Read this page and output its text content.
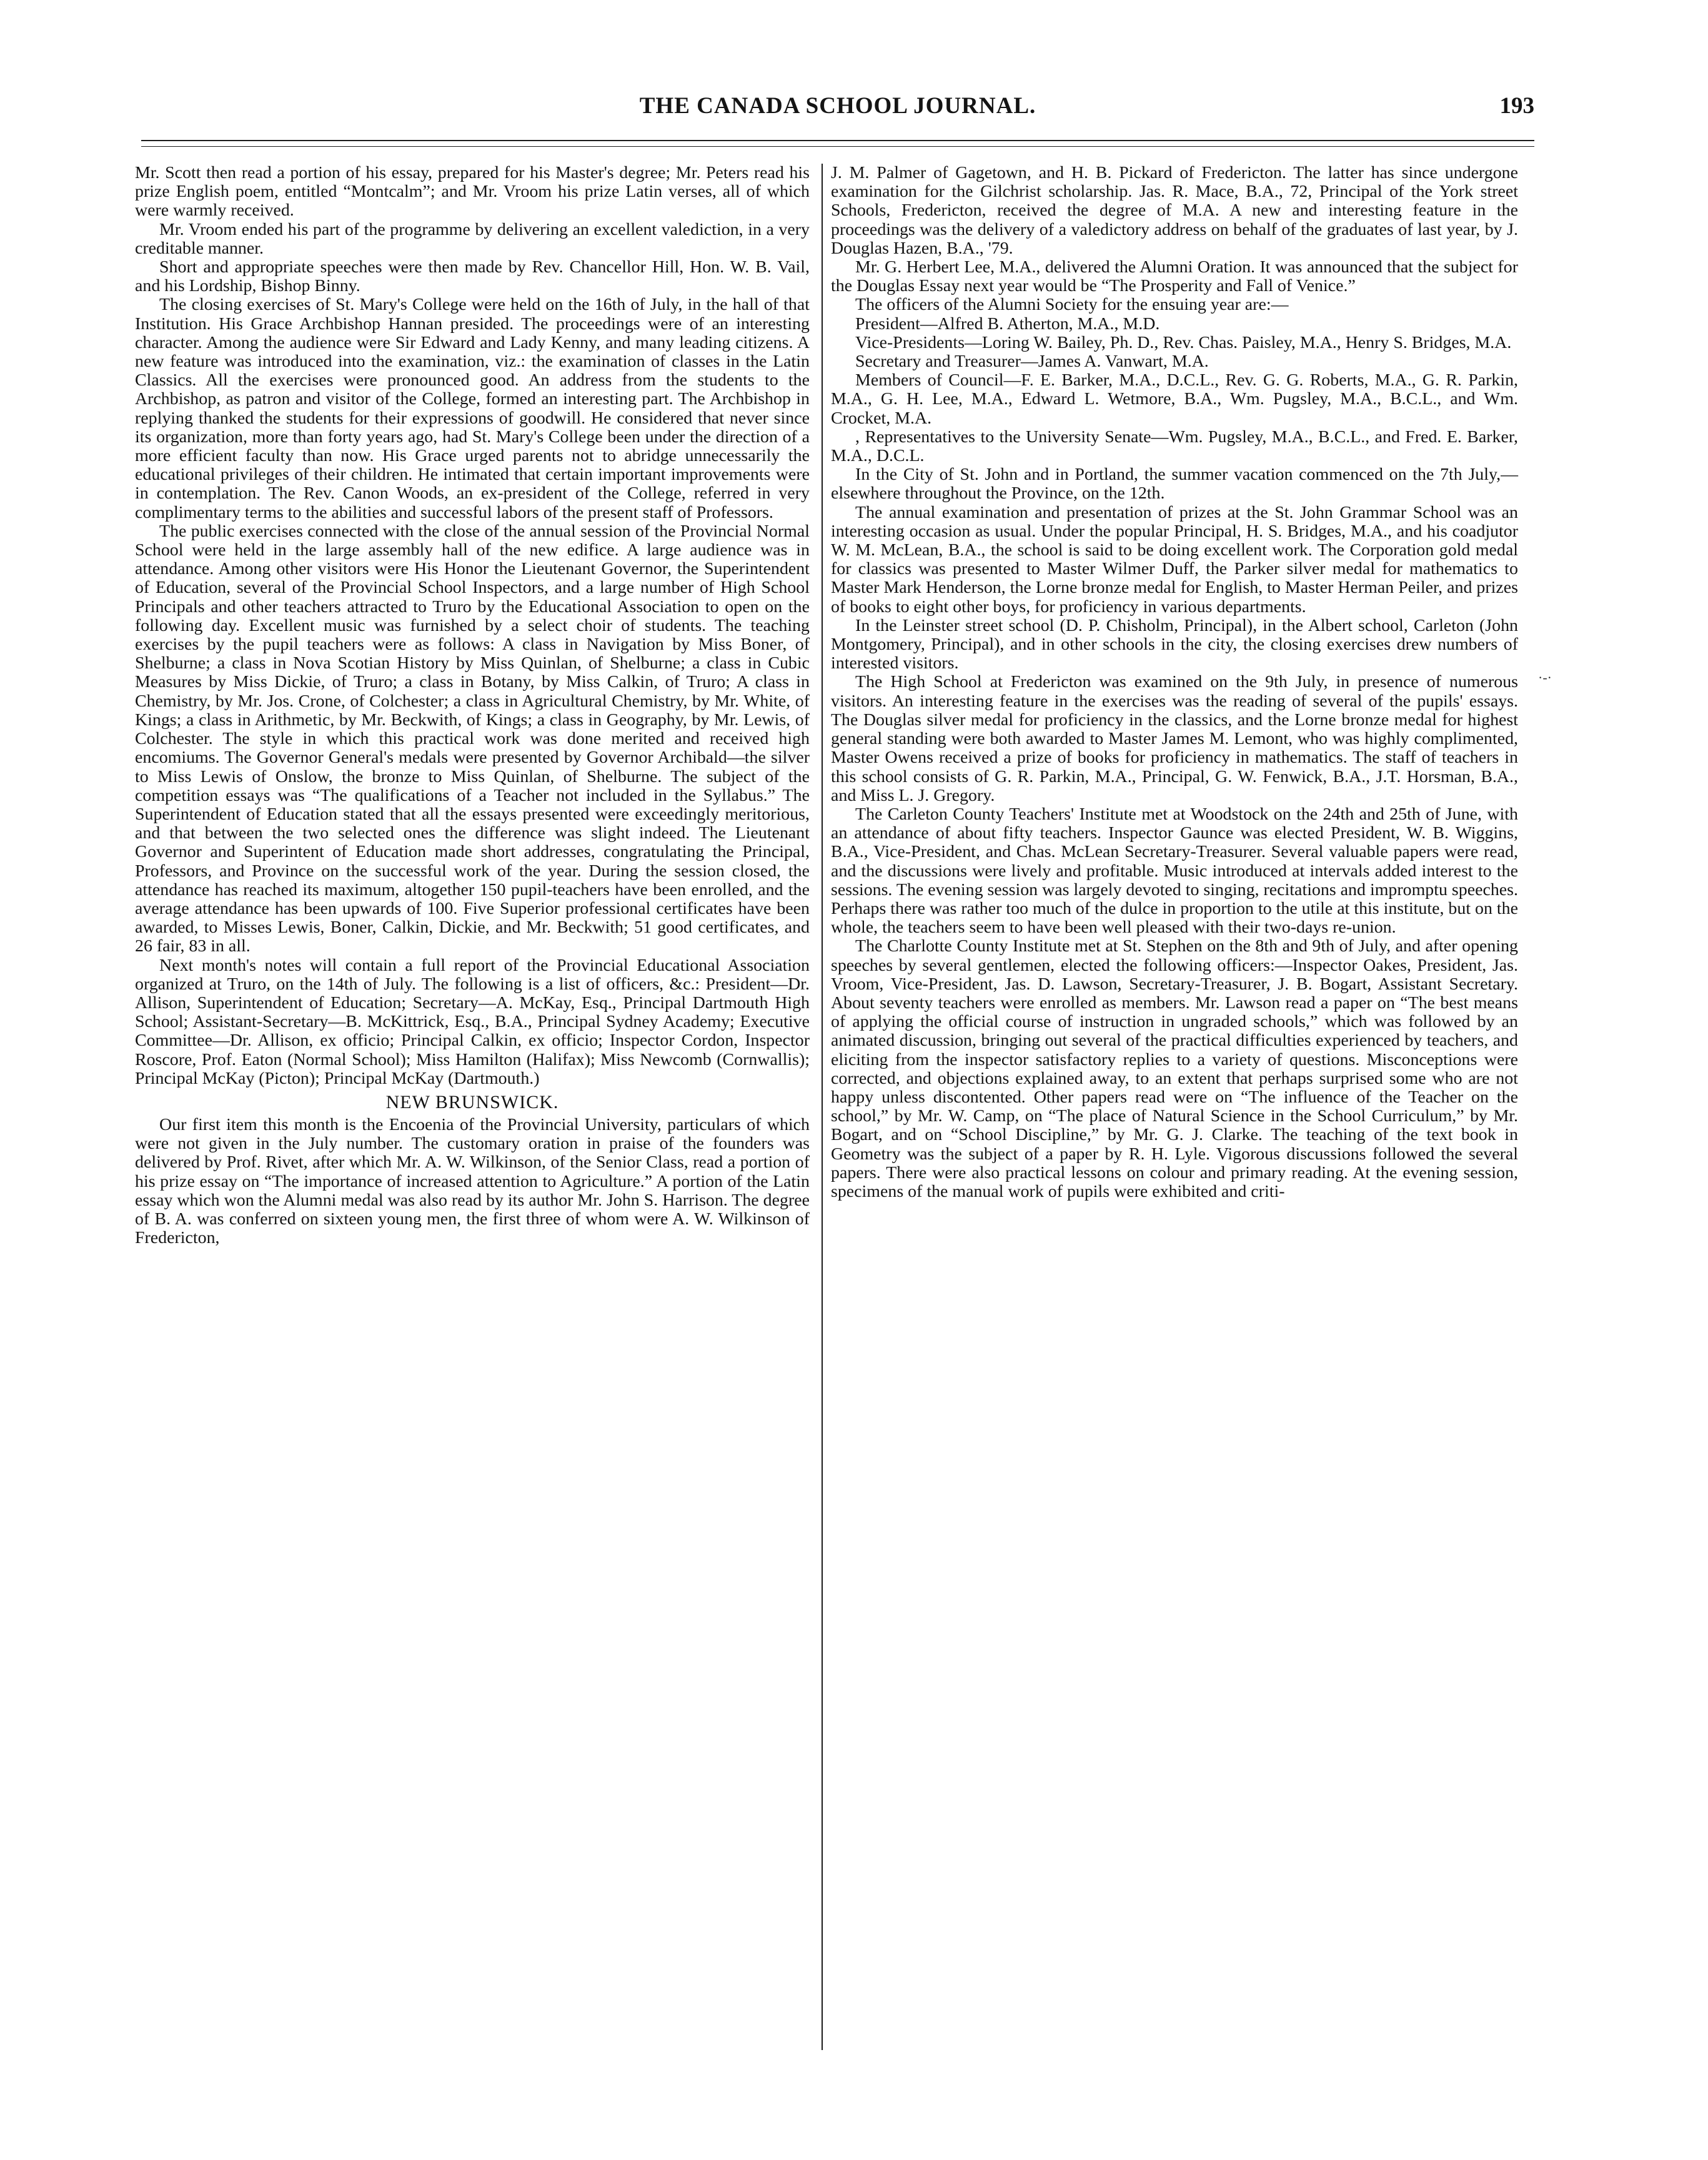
THE CANADA SCHOOL JOURNAL.	193

Mr. Scott then read a portion of his essay, prepared for his Master's degree; Mr. Peters read his prize English poem, entitled “Montcalm”; and Mr. Vroom his prize Latin verses, all of which were warmly received.

Mr. Vroom ended his part of the programme by delivering an excellent valediction, in a very creditable manner.

Short and appropriate speeches were then made by Rev. Chancellor Hill, Hon. W. B. Vail, and his Lordship, Bishop Binny.

The closing exercises of St. Mary's College were held on the 16th of July, in the hall of that Institution. His Grace Archbishop Hannan presided. The proceedings were of an interesting character. Among the audience were Sir Edward and Lady Kenny, and many leading citizens. A new feature was introduced into the examination, viz.: the examination of classes in the Latin Classics. All the exercises were pronounced good. An address from the students to the Archbishop, as patron and visitor of the College, formed an interesting part. The Archbishop in replying thanked the students for their expressions of goodwill. He considered that never since its organization, more than forty years ago, had St. Mary's College been under the direction of a more efficient faculty than now. His Grace urged parents not to abridge unnecessarily the educational privileges of their children. He intimated that certain important improvements were in contemplation. The Rev. Canon Woods, an ex-president of the College, referred in very complimentary terms to the abilities and successful labors of the present staff of Professors.

The public exercises connected with the close of the annual session of the Provincial Normal School were held in the large assembly hall of the new edifice. A large audience was in attendance. Among other visitors were His Honor the Lieutenant Governor, the Superintendent of Education, several of the Provincial School Inspectors, and a large number of High School Principals and other teachers attracted to Truro by the Educational Association to open on the following day. Excellent music was furnished by a select choir of students. The teaching exercises by the pupil teachers were as follows: A class in Navigation by Miss Boner, of Shelburne; a class in Nova Scotian History by Miss Quinlan, of Shelburne; a class in Cubic Measures by Miss Dickie, of Truro; a class in Botany, by Miss Calkin, of Truro; A class in Chemistry, by Mr. Jos. Crone, of Colchester; a class in Agricultural Chemistry, by Mr. White, of Kings; a class in Arithmetic, by Mr. Beckwith, of Kings; a class in Geography, by Mr. Lewis, of Colchester. The style in which this practical work was done merited and received high encomiums. The Governor General's medals were presented by Governor Archibald—the silver to Miss Lewis of Onslow, the bronze to Miss Quinlan, of Shelburne. The subject of the competition essays was “The qualifications of a Teacher not included in the Syllabus.” The Superintendent of Education stated that all the essays presented were exceedingly meritorious, and that between the two selected ones the difference was slight indeed. The Lieutenant Governor and Superintent of Education made short addresses, congratulating the Principal, Professors, and Province on the successful work of the year. During the session closed, the attendance has reached its maximum, altogether 150 pupil-teachers have been enrolled, and the average attendance has been upwards of 100. Five Superior professional certificates have been awarded, to Misses Lewis, Boner, Calkin, Dickie, and Mr. Beckwith; 51 good certificates, and 26 fair, 83 in all.

Next month's notes will contain a full report of the Provincial Educational Association organized at Truro, on the 14th of July. The following is a list of officers, &c.: President—Dr. Allison, Superintendent of Education; Secretary—A. McKay, Esq., Principal Dartmouth High School; Assistant-Secretary—B. McKittrick, Esq., B.A., Principal Sydney Academy; Executive Committee—Dr. Allison, ex officio; Principal Calkin, ex officio; Inspector Cordon, Inspector Roscore, Prof. Eaton (Normal School); Miss Hamilton (Halifax); Miss Newcomb (Cornwallis); Principal McKay (Picton); Principal McKay (Dartmouth.)

NEW BRUNSWICK.

Our first item this month is the Encoenia of the Provincial University, particulars of which were not given in the July number. The customary oration in praise of the founders was delivered by Prof. Rivet, after which Mr. A. W. Wilkinson, of the Senior Class, read a portion of his prize essay on “The importance of increased attention to Agriculture.” A portion of the Latin essay which won the Alumni medal was also read by its author Mr. John S. Harrison. The degree of B. A. was conferred on sixteen young men, the first three of whom were A. W. Wilkinson of Fredericton,

J. M. Palmer of Gagetown, and H. B. Pickard of Fredericton. The latter has since undergone examination for the Gilchrist scholarship. Jas. R. Mace, B.A., 72, Principal of the York street Schools, Fredericton, received the degree of M.A. A new and interesting feature in the proceedings was the delivery of a valedictory address on behalf of the graduates of last year, by J. Douglas Hazen, B.A., '79.

Mr. G. Herbert Lee, M.A., delivered the Alumni Oration. It was announced that the subject for the Douglas Essay next year would be “The Prosperity and Fall of Venice.”

The officers of the Alumni Society for the ensuing year are:—

President—Alfred B. Atherton, M.A., M.D.

Vice-Presidents—Loring W. Bailey, Ph. D., Rev. Chas. Paisley, M.A., Henry S. Bridges, M.A.

Secretary and Treasurer—James A. Vanwart, M.A.

Members of Council—F. E. Barker, M.A., D.C.L., Rev. G. G. Roberts, M.A., G. R. Parkin, M.A., G. H. Lee, M.A., Edward L. Wetmore, B.A., Wm. Pugsley, M.A., B.C.L., and Wm. Crocket, M.A.

, Representatives to the University Senate—Wm. Pugsley, M.A., B.C.L., and Fred. E. Barker, M.A., D.C.L.

In the City of St. John and in Portland, the summer vacation commenced on the 7th July,—elsewhere throughout the Province, on the 12th.

The annual examination and presentation of prizes at the St. John Grammar School was an interesting occasion as usual. Under the popular Principal, H. S. Bridges, M.A., and his coadjutor W. M. McLean, B.A., the school is said to be doing excellent work. The Corporation gold medal for classics was presented to Master Wilmer Duff, the Parker silver medal for mathematics to Master Mark Henderson, the Lorne bronze medal for English, to Master Herman Peiler, and prizes of books to eight other boys, for proficiency in various departments.

In the Leinster street school (D. P. Chisholm, Principal), in the Albert school, Carleton (John Montgomery, Principal), and in other schools in the city, the closing exercises drew numbers of interested visitors.

The High School at Fredericton was examined on the 9th July, in presence of numerous visitors. An interesting feature in the exercises was the reading of several of the pupils' essays. The Douglas silver medal for proficiency in the classics, and the Lorne bronze medal for highest general standing were both awarded to Master James M. Lemont, who was highly complimented, Master Owens received a prize of books for proficiency in mathematics. The staff of teachers in this school consists of G. R. Parkin, M.A., Principal, G. W. Fenwick, B.A., J.T. Horsman, B.A., and Miss L. J. Gregory.

The Carleton County Teachers' Institute met at Woodstock on the 24th and 25th of June, with an attendance of about fifty teachers. Inspector Gaunce was elected President, W. B. Wiggins, B.A., Vice-President, and Chas. McLean Secretary-Treasurer. Several valuable papers were read, and the discussions were lively and profitable. Music introduced at intervals added interest to the sessions. The evening session was largely devoted to singing, recitations and impromptu speeches. Perhaps there was rather too much of the dulce in proportion to the utile at this institute, but on the whole, the teachers seem to have been well pleased with their two-days re-union.

The Charlotte County Institute met at St. Stephen on the 8th and 9th of July, and after opening speeches by several gentlemen, elected the following officers:—Inspector Oakes, President, Jas. Vroom, Vice-President, Jas. D. Lawson, Secretary-Treasurer, J. B. Bogart, Assistant Secretary. About seventy teachers were enrolled as members. Mr. Lawson read a paper on “The best means of applying the official course of instruction in ungraded schools,” which was followed by an animated discussion, bringing out several of the practical difficulties experienced by teachers, and eliciting from the inspector satisfactory replies to a variety of questions. Misconceptions were corrected, and objections explained away, to an extent that perhaps surprised some who are not happy unless discontented. Other papers read were on “The influence of the Teacher on the school,” by Mr. W. Camp, on “The place of Natural Science in the School Curriculum,” by Mr. Bogart, and on “School Discipline,” by Mr. G. J. Clarke. The teaching of the text book in Geometry was the subject of a paper by R. H. Lyle. Vigorous discussions followed the several papers. There were also practical lessons on colour and primary reading. At the evening session, specimens of the manual work of pupils were exhibited and criti-

·-·
